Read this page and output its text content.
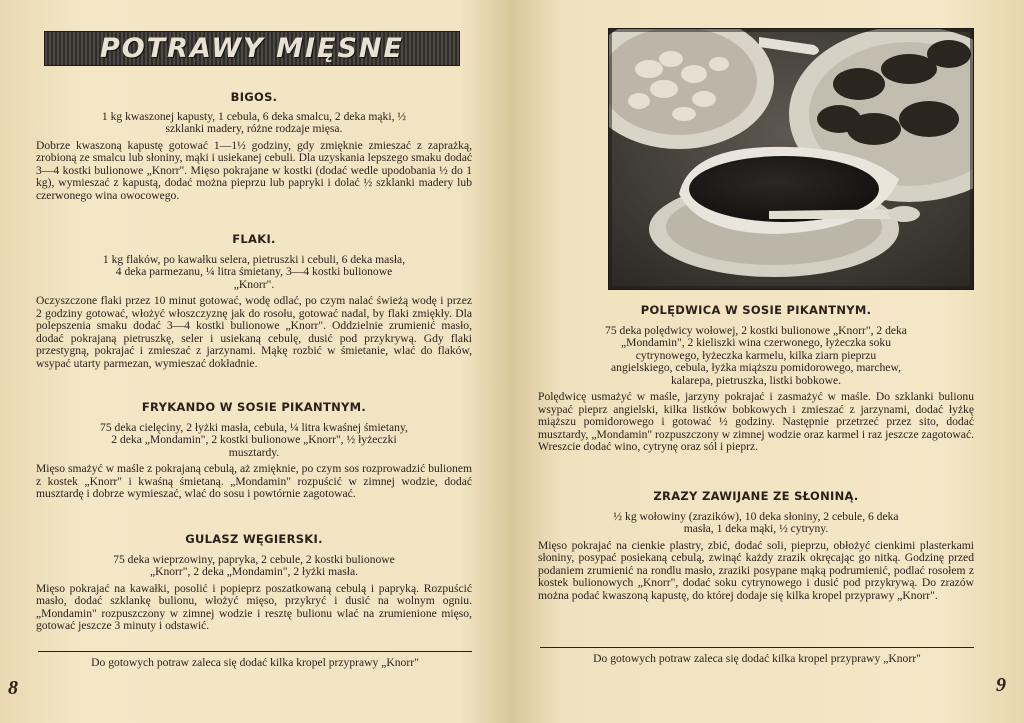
POTRAWY MIĘSNE
BIGOS.
1 kg kwaszonej kapusty, 1 cebula, 6 deka smalcu, 2 deka mąki, ½ szklanki madery, różne rodzaje mięsa.
Dobrze kwaszoną kapustę gotować 1—1½ godziny, gdy zmięknie zmieszać z zaprażką, zrobioną ze smalcu lub słoniny, mąki i usiekanej cebuli. Dla uzyskania lepszego smaku dodać 3—4 kostki bulionowe „Knorr". Mięso pokrajane w kostki (dodać wedle upodobania ½ do 1 kg), wymieszać z kapustą, dodać można pieprzu lub papryki i dolać ½ szklanki madery lub czerwonego wina owocowego.
FLAKI.
1 kg flaków, po kawałku selera, pietruszki i cebuli, 6 deka masła, 4 deka parmezanu, ¼ litra śmietany, 3—4 kostki bulionowe „Knorr".
Oczyszczone flaki przez 10 minut gotować, wodę odlać, po czym nalać świeżą wodę i przez 2 godziny gotować, włożyć włoszczyznę jak do rosołu, gotować nadal, by flaki zmiękły. Dla polepszenia smaku dodać 3—4 kostki bulionowe „Knorr". Oddzielnie zrumienić masło, dodać pokrajaną pietruszkę, seler i usiekaną cebulę, dusić pod przykrywą. Gdy flaki przestygną, pokrajać i zmieszać z jarzynami. Mąkę rozbić w śmietanie, wlać do flaków, wsypać utarty parmezan, wymieszać dokładnie.
FRYKANDO W SOSIE PIKANTNYM.
75 deka cielęciny, 2 łyżki masła, cebula, ¼ litra kwaśnej śmietany, 2 deka „Mondamin", 2 kostki bulionowe „Knorr", ½ łyżeczki musztardy.
Mięso smażyć w maśle z pokrajaną cebulą, aż zmięknie, po czym sos rozprowadzić bulionem z kostek „Knorr" i kwaśną śmietaną. „Mondamin" rozpuścić w zimnej wodzie, dodać musztardę i dobrze wymieszać, wlać do sosu i powtórnie zagotować.
GULASZ WĘGIERSKI.
75 deka wieprzowiny, papryka, 2 cebule, 2 kostki bulionowe „Knorr", 2 deka „Mondamin", 2 łyżki masła.
Mięso pokrajać na kawałki, posolić i popieprz poszatkowaną cebulą i papryką. Rozpuścić masło, dodać szklankę bulionu, włożyć mięso, przykryć i dusić na wolnym ogniu. „Mondamin" rozpuszczony w zimnej wodzie i resztę bulionu wlać na zrumienione mięso, gotować jeszcze 3 minuty i odstawić.
Do gotowych potraw zaleca się dodać kilka kropel przyprawy „Knorr"
8
POLĘDWICA W SOSIE PIKANTNYM.
75 deka polędwicy wołowej, 2 kostki bulionowe „Knorr", 2 deka „Mondamin", 2 kieliszki wina czerwonego, łyżeczka soku cytrynowego, łyżeczka karmelu, kilka ziarn pieprzu angielskiego, cebula, łyżka miąższu pomidorowego, marchew, kalarepa, pietruszka, listki bobkowe.
Polędwicę usmażyć w maśle, jarzyny pokrajać i zasmażyć w maśle. Do szklanki bulionu wsypać pieprz angielski, kilka listków bobkowych i zmieszać z jarzynami, dodać łyżkę miąższu pomidorowego i gotować ½ godziny. Następnie przetrzeć przez sito, dodać musztardy, „Mondamin" rozpuszczony w zimnej wodzie oraz karmel i raz jeszcze zagotować. Wreszcie dodać wino, cytrynę oraz sól i pieprz.
ZRAZY ZAWIJANE ZE SŁONINĄ.
½ kg wołowiny (zrazików), 10 deka słoniny, 2 cebule, 6 deka masła, 1 deka mąki, ½ cytryny.
Mięso pokrajać na cienkie plastry, zbić, dodać soli, pieprzu, obłożyć cienkimi plasterkami słoniny, posypać posiekaną cebulą, zwinąć każdy zrazik okręcając go nitką. Godzinę przed podaniem zrumienić na rondlu masło, zraziki posypane mąką podrumienić, podlać rosołem z kostek bulionowych „Knorr", dodać soku cytrynowego i dusić pod przykrywą. Do zrazów można podać kwaszoną kapustę, do której dodaje się kilka kropel przyprawy „Knorr".
Do gotowych potraw zaleca się dodać kilka kropel przyprawy „Knorr"
9
